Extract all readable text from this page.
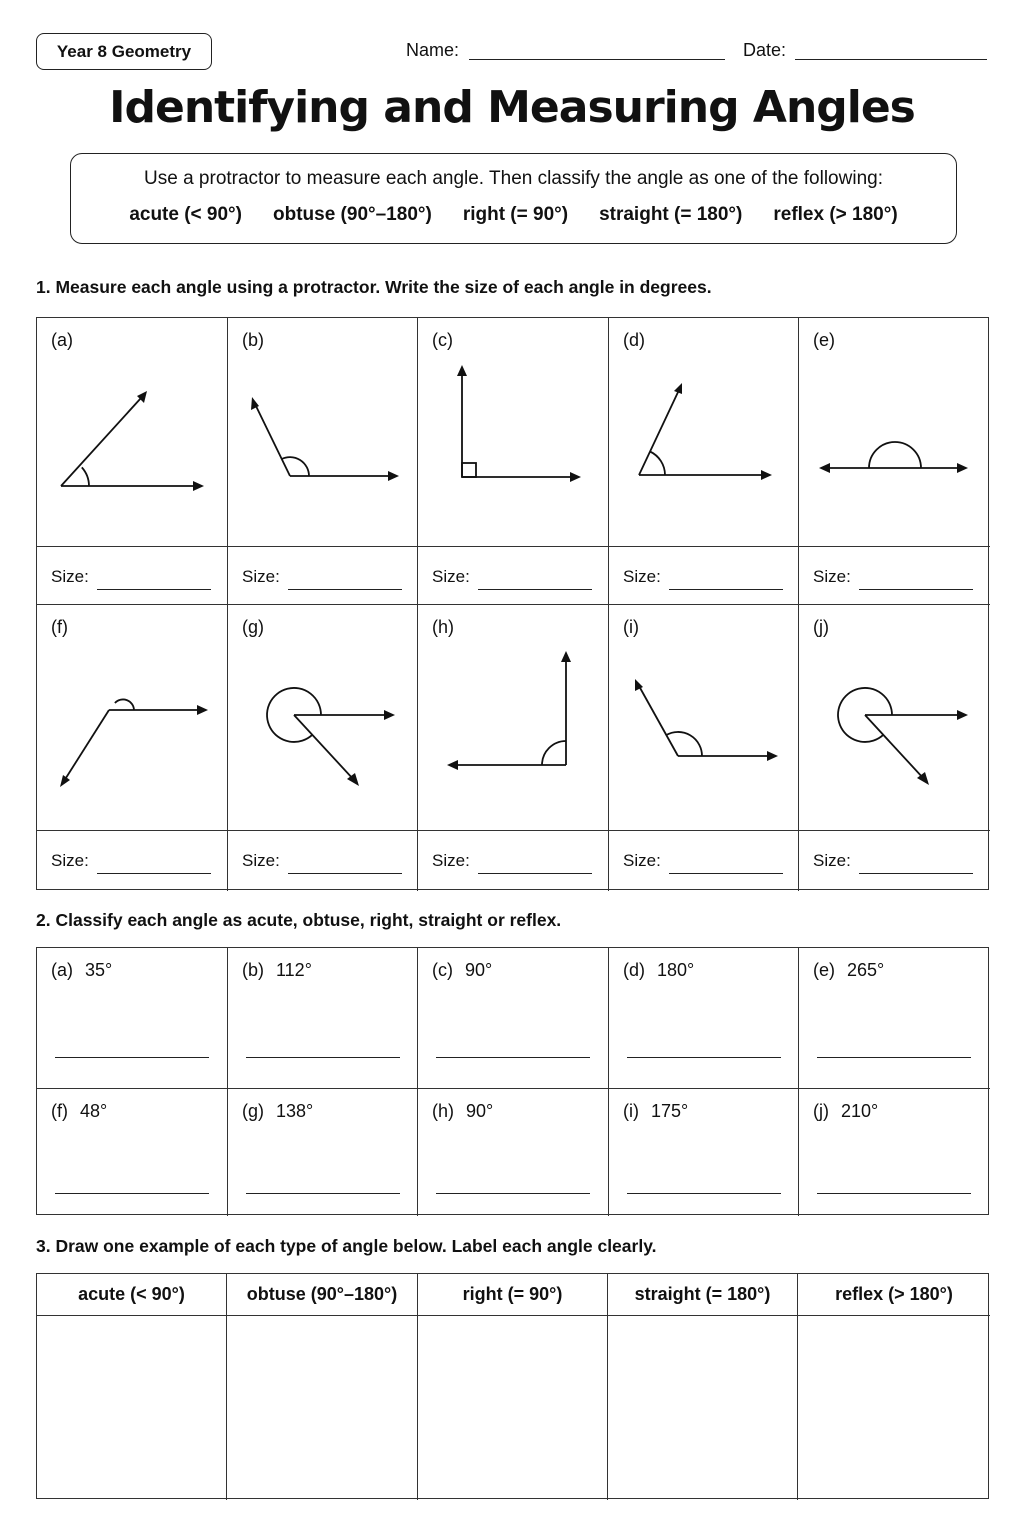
Year 8 Geometry	Name:	Date:
Identifying and Measuring Angles
Use a protractor to measure each angle. Then classify the angle as one of the following:
acute (< 90°) obtuse (90°–180°) right (= 90°) straight (= 180°) reflex (> 180°)
1. Measure each angle using a protractor. Write the size of each angle in degrees.
(a)	(b)	(c)	(d)	(e)
Size:	Size:	Size:	Size:	Size:
(f)	(g)	(h)	(i)	(j)
Size:	Size:	Size:	Size:	Size:
2. Classify each angle as acute, obtuse, right, straight or reflex.
(a) 35°	(b) 112°	(c) 90°	(d) 180°	(e) 265°
(f) 48°	(g) 138°	(h) 90°	(i) 175°	(j) 210°
3. Draw one example of each type of angle below. Label each angle clearly.
acute (< 90°)	obtuse (90°–180°)	right (= 90°)	straight (= 180°)	reflex (> 180°)
